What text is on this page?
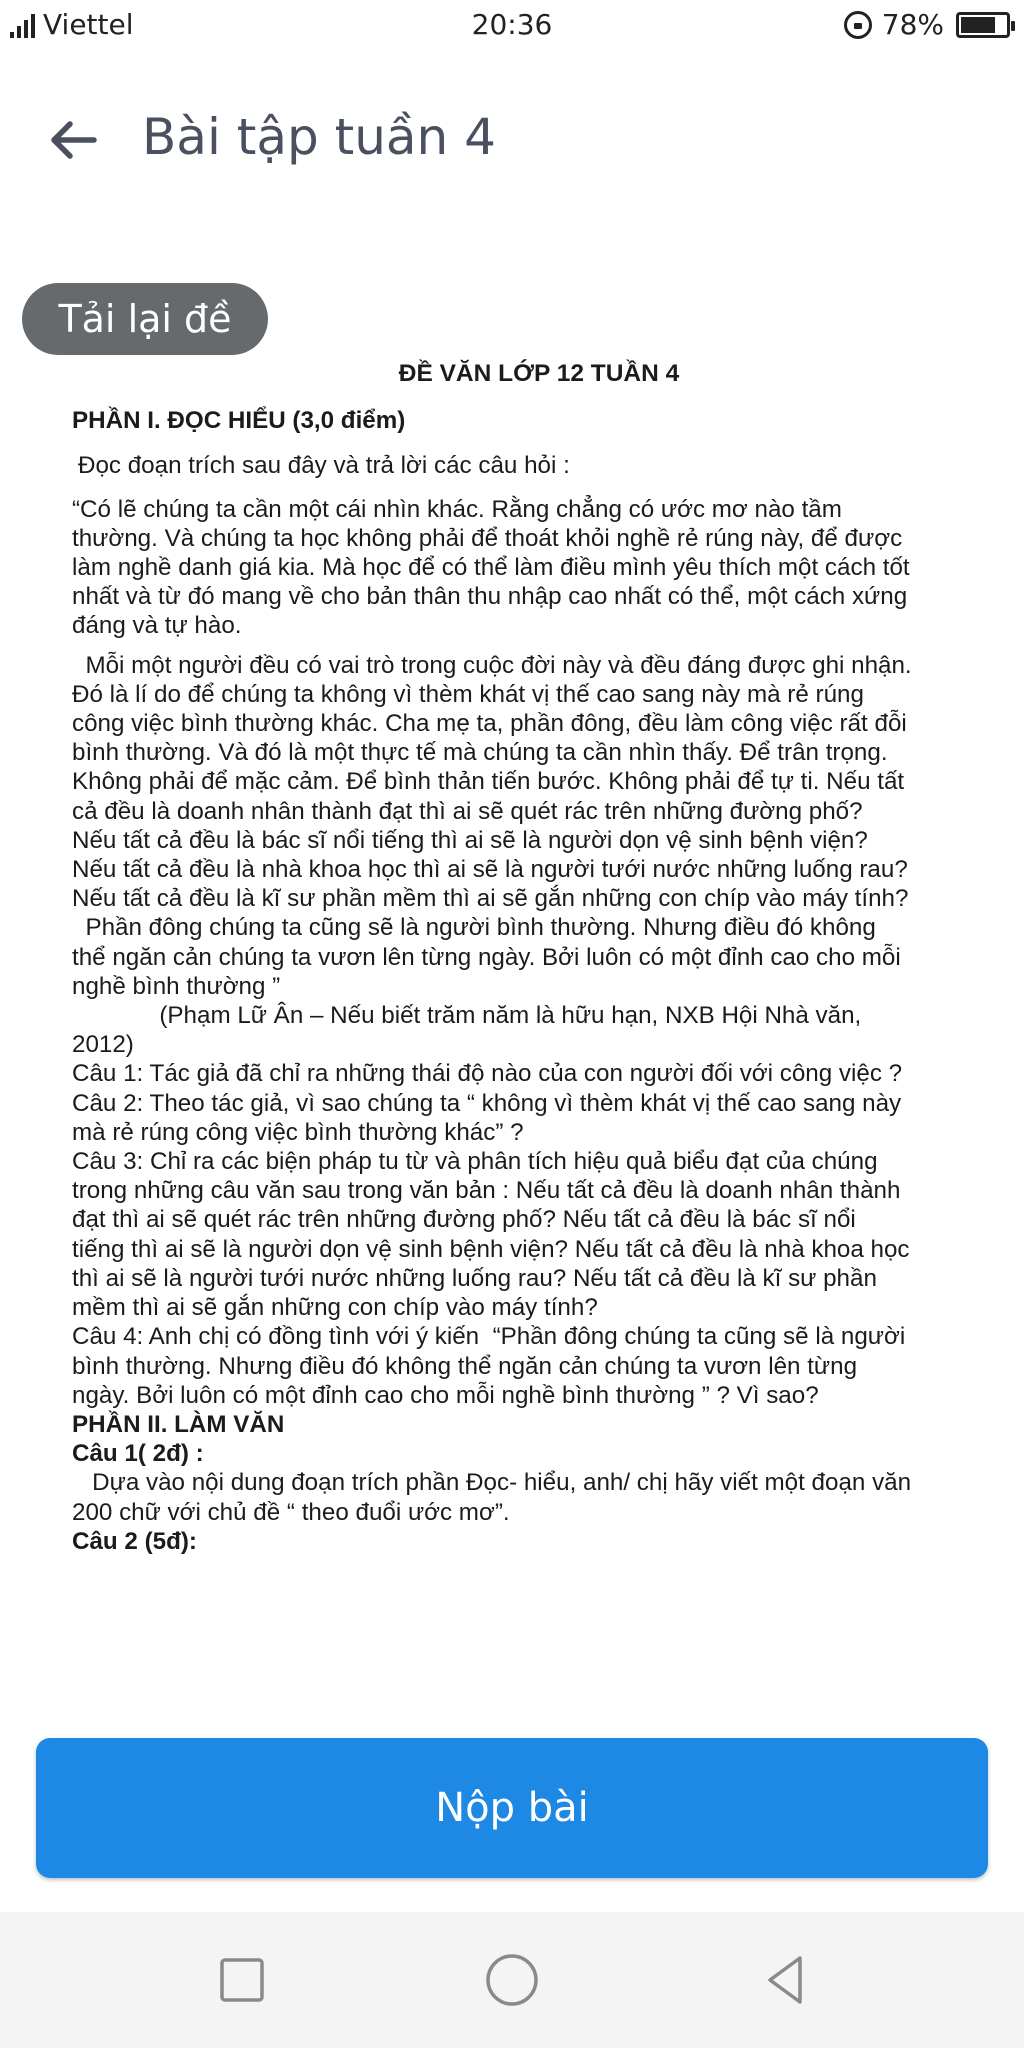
Viettel	20:36	78%
Bài tập tuần 4
Tải lại đề
ĐỀ VĂN LỚP 12 TUẦN 4

PHẦN I. ĐỌC HIỂU (3,0 điểm)

Đọc đoạn trích sau đây và trả lời các câu hỏi :

“Có lẽ chúng ta cần một cái nhìn khác. Rằng chẳng có ước mơ nào tầm
thường. Và chúng ta học không phải để thoát khỏi nghề rẻ rúng này, để được
làm nghề danh giá kia. Mà học để có thể làm điều mình yêu thích một cách tốt
nhất và từ đó mang về cho bản thân thu nhập cao nhất có thể, một cách xứng
đáng và tự hào.
Mỗi một người đều có vai trò trong cuộc đời này và đều đáng được ghi nhận.
Đó là lí do để chúng ta không vì thèm khát vị thế cao sang này mà rẻ rúng
công việc bình thường khác. Cha mẹ ta, phần đông, đều làm công việc rất đỗi
bình thường. Và đó là một thực tế mà chúng ta cần nhìn thấy. Để trân trọng.
Không phải để mặc cảm. Để bình thản tiến bước. Không phải để tự ti. Nếu tất
cả đều là doanh nhân thành đạt thì ai sẽ quét rác trên những đường phố?
Nếu tất cả đều là bác sĩ nổi tiếng thì ai sẽ là người dọn vệ sinh bệnh viện?
Nếu tất cả đều là nhà khoa học thì ai sẽ là người tưới nước những luống rau?
Nếu tất cả đều là kĩ sư phần mềm thì ai sẽ gắn những con chíp vào máy tính?
Phần đông chúng ta cũng sẽ là người bình thường. Nhưng điều đó không
thể ngăn cản chúng ta vươn lên từng ngày. Bởi luôn có một đỉnh cao cho mỗi
nghề bình thường ”
(Phạm Lữ Ân – Nếu biết trăm năm là hữu hạn, NXB Hội Nhà văn,
2012)
Câu 1: Tác giả đã chỉ ra những thái độ nào của con người đối với công việc ?
Câu 2: Theo tác giả, vì sao chúng ta “ không vì thèm khát vị thế cao sang này
mà rẻ rúng công việc bình thường khác” ?
Câu 3: Chỉ ra các biện pháp tu từ và phân tích hiệu quả biểu đạt của chúng
trong những câu văn sau trong văn bản : Nếu tất cả đều là doanh nhân thành
đạt thì ai sẽ quét rác trên những đường phố? Nếu tất cả đều là bác sĩ nổi
tiếng thì ai sẽ là người dọn vệ sinh bệnh viện? Nếu tất cả đều là nhà khoa học
thì ai sẽ là người tưới nước những luống rau? Nếu tất cả đều là kĩ sư phần
mềm thì ai sẽ gắn những con chíp vào máy tính?
Câu 4: Anh chị có đồng tình với ý kiến  “Phần đông chúng ta cũng sẽ là người
bình thường. Nhưng điều đó không thể ngăn cản chúng ta vươn lên từng
ngày. Bởi luôn có một đỉnh cao cho mỗi nghề bình thường ” ? Vì sao?

PHẦN II. LÀM VĂN

Câu 1( 2đ) :

Dựa vào nội dung đoạn trích phần Đọc- hiểu, anh/ chị hãy viết một đoạn văn
200 chữ với chủ đề “ theo đuổi ước mơ”.
Câu 2 (5đ):
Nộp bài
